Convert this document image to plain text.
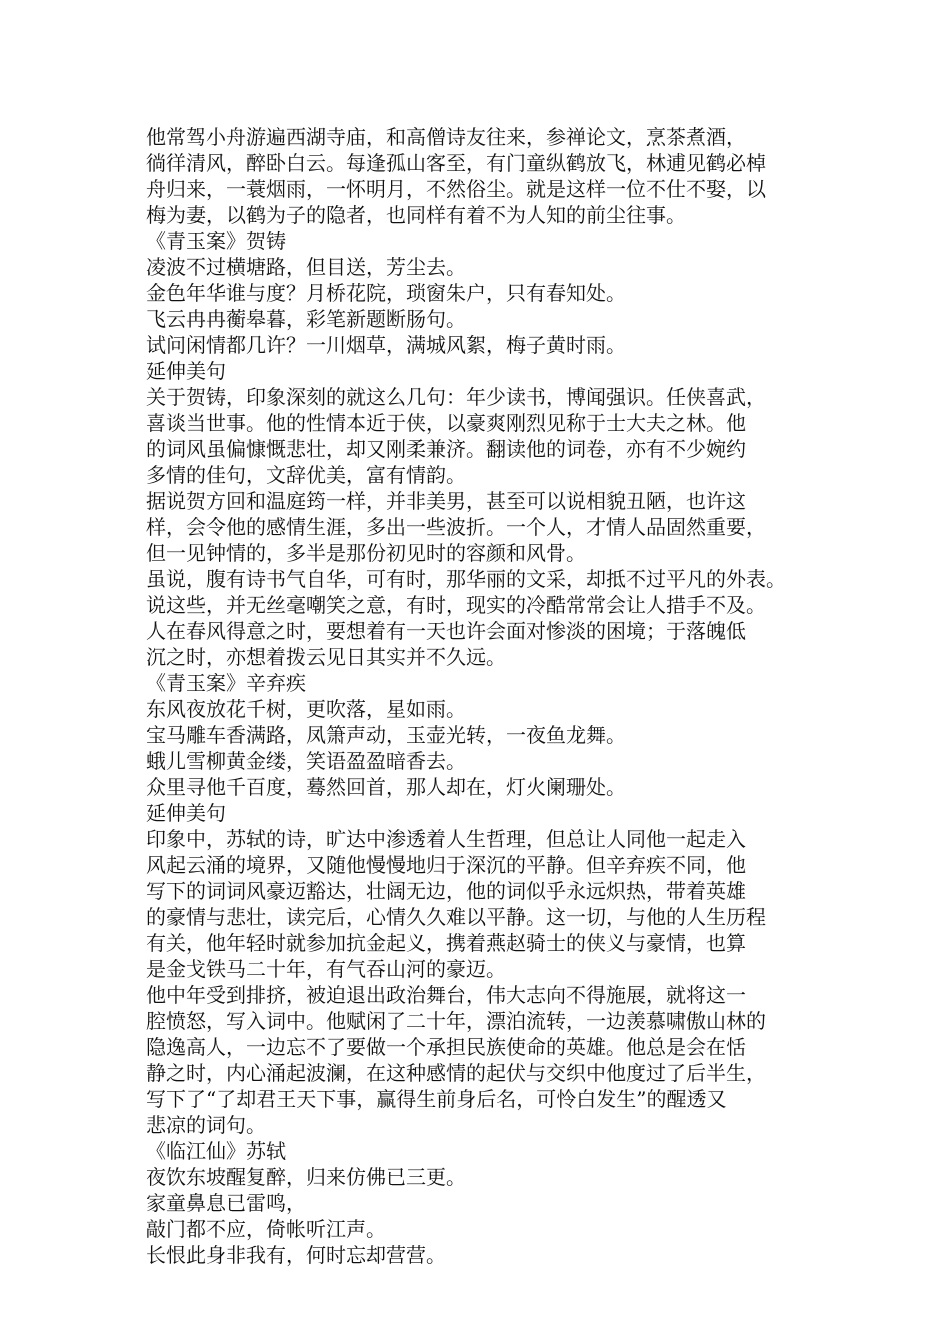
他常驾小舟游遍西湖寺庙，和高僧诗友往来，参禅论文，烹茶煮酒，
徜徉清风，醉卧白云。每逢孤山客至，有门童纵鹤放飞，林逋见鹤必棹
舟归来，一蓑烟雨，一怀明月，不然俗尘。就是这样一位不仕不娶，以
梅为妻，以鹤为子的隐者，也同样有着不为人知的前尘往事。
《青玉案》贺铸
凌波不过横塘路，但目送，芳尘去。
金色年华谁与度？月桥花院，琐窗朱户，只有春知处。
飞云冉冉蘅皋暮，彩笔新题断肠句。
试问闲情都几许？一川烟草，满城风絮，梅子黄时雨。
延伸美句
关于贺铸，印象深刻的就这么几句：年少读书，博闻强识。任侠喜武，
喜谈当世事。他的性情本近于侠，以豪爽刚烈见称于士大夫之林。他
的词风虽偏慷慨悲壮，却又刚柔兼济。翻读他的词卷，亦有不少婉约
多情的佳句，文辞优美，富有情韵。
据说贺方回和温庭筠一样，并非美男，甚至可以说相貌丑陋，也许这
样，会令他的感情生涯，多出一些波折。一个人，才情人品固然重要，
但一见钟情的，多半是那份初见时的容颜和风骨。
虽说，腹有诗书气自华，可有时，那华丽的文采，却抵不过平凡的外表。
说这些，并无丝毫嘲笑之意，有时，现实的冷酷常常会让人措手不及。
人在春风得意之时，要想着有一天也许会面对惨淡的困境；于落魄低
沉之时，亦想着拨云见日其实并不久远。
《青玉案》辛弃疾
东风夜放花千树，更吹落，星如雨。
宝马雕车香满路，凤箫声动，玉壶光转，一夜鱼龙舞。
蛾儿雪柳黄金缕，笑语盈盈暗香去。
众里寻他千百度，蓦然回首，那人却在，灯火阑珊处。
延伸美句
印象中，苏轼的诗，旷达中渗透着人生哲理，但总让人同他一起走入
风起云涌的境界，又随他慢慢地归于深沉的平静。但辛弃疾不同，他
写下的词词风豪迈豁达，壮阔无边，他的词似乎永远炽热，带着英雄
的豪情与悲壮，读完后，心情久久难以平静。这一切，与他的人生历程
有关，他年轻时就参加抗金起义，携着燕赵骑士的侠义与豪情，也算
是金戈铁马二十年，有气吞山河的豪迈。
他中年受到排挤，被迫退出政治舞台，伟大志向不得施展，就将这一
腔愤怒，写入词中。他赋闲了二十年，漂泊流转，一边羡慕啸傲山林的
隐逸高人，一边忘不了要做一个承担民族使命的英雄。他总是会在恬
静之时，内心涌起波澜，在这种感情的起伏与交织中他度过了后半生，
写下了“了却君王天下事，赢得生前身后名，可怜白发生”的醒透又
悲凉的词句。
《临江仙》苏轼
夜饮东坡醒复醉，归来仿佛已三更。
家童鼻息已雷鸣，
敲门都不应，倚帐听江声。
长恨此身非我有，何时忘却营营。
